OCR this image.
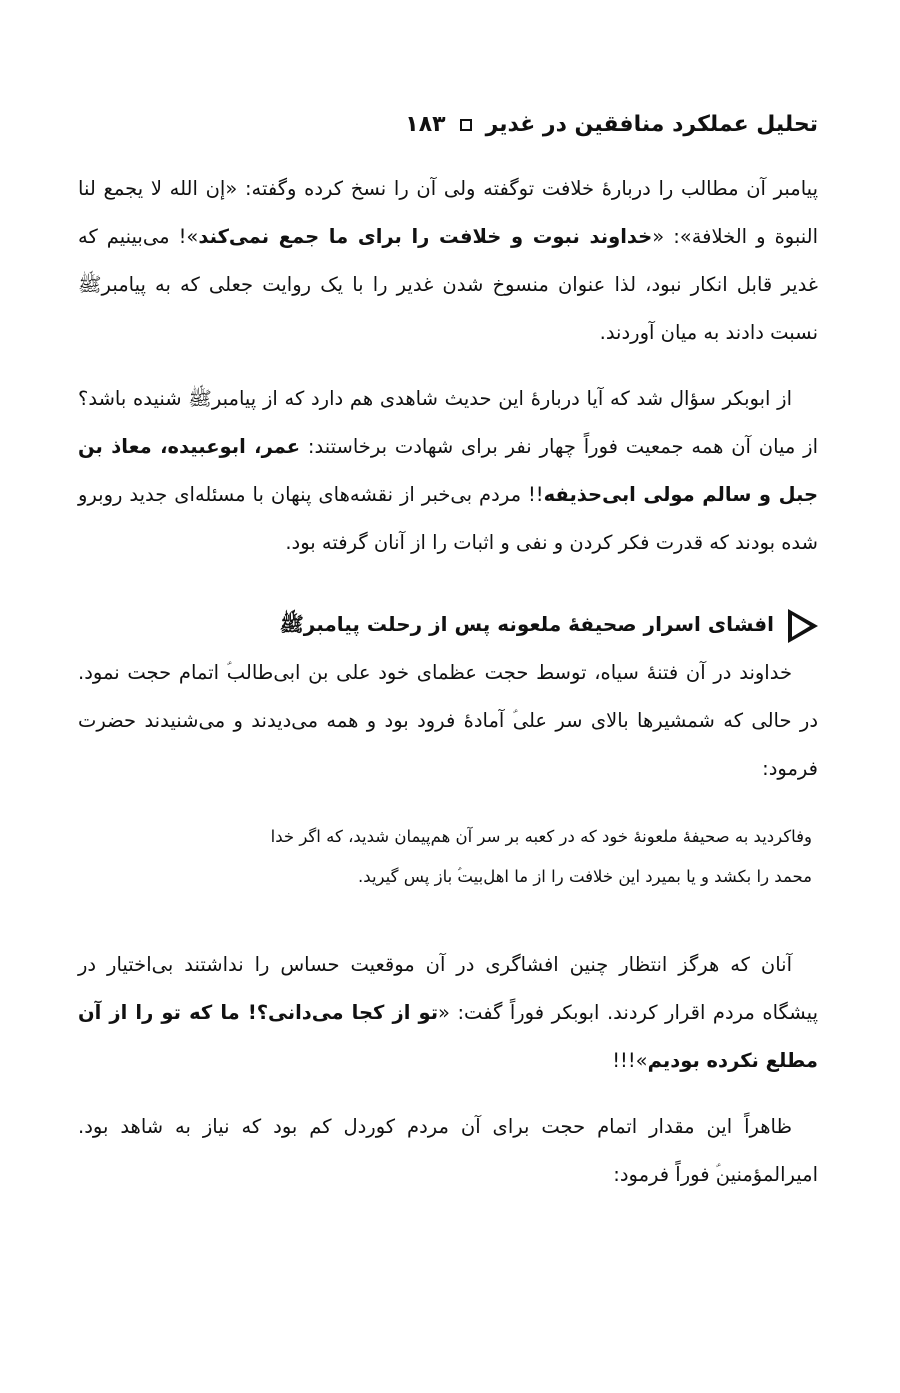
تحلیل عملکرد منافقین در غدیر
۱۸۳

پیامبر آن مطالب را دربارۀ خلافت توگفته ولی آن را نسخ کرده وگفته: «إن الله لا یجمع لنا النبوة و الخلافة»: «خداوند نبوت و خلافت را برای ما جمع نمی‌کند»! می‌بینیم که غدیر قابل انکار نبود، لذا عنوان منسوخ شدن غدیر را با یک روایت جعلی که به پیامبرﷺ نسبت دادند به میان آوردند.

از ابوبکر سؤال شد که آیا دربارۀ این حدیث شاهدی هم دارد که از پیامبرﷺ شنیده باشد؟ از میان آن همه جمعیت فوراً چهار نفر برای شهادت برخاستند: عمر، ابوعبیده، معاذ بن جبل و سالم مولی ابی‌حذیفه!! مردم بی‌خبر از نقشه‌های پنهان با مسئله‌ای جدید روبرو شده بودند که قدرت فکر کردن و نفی و اثبات را از آنان گرفته بود.

افشای اسرار صحیفۀ ملعونه پس از رحلت پیامبرﷺ

خداوند در آن فتنۀ سیاه، توسط حجت عظمای خود علی بن ابی‌طالب‌ؑ اتمام حجت نمود. در حالی که شمشیرها بالای سر علی‌ؑ آمادۀ فرود بود و همه می‌دیدند و می‌شنیدند حضرت فرمود:

وفاکردید به صحیفۀ ملعونۀ خود که در کعبه بر سر آن هم‌پیمان شدید، که اگر خدا
محمد را بکشد و یا بمیرد این خلافت را از ما اهل‌بیت‌ؑ باز پس گیرید.

آنان که هرگز انتظار چنین افشاگری در آن موقعیت حساس را نداشتند بی‌اختیار در پیشگاه مردم اقرار کردند. ابوبکر فوراً گفت: «تو از کجا می‌دانی؟! ما که تو را از آن مطلع نکرده بودیم»!!!

ظاهراً این مقدار اتمام حجت برای آن مردم کوردل کم بود که نیاز به شاهد بود. امیرالمؤمنین‌ؑ فوراً فرمود:
